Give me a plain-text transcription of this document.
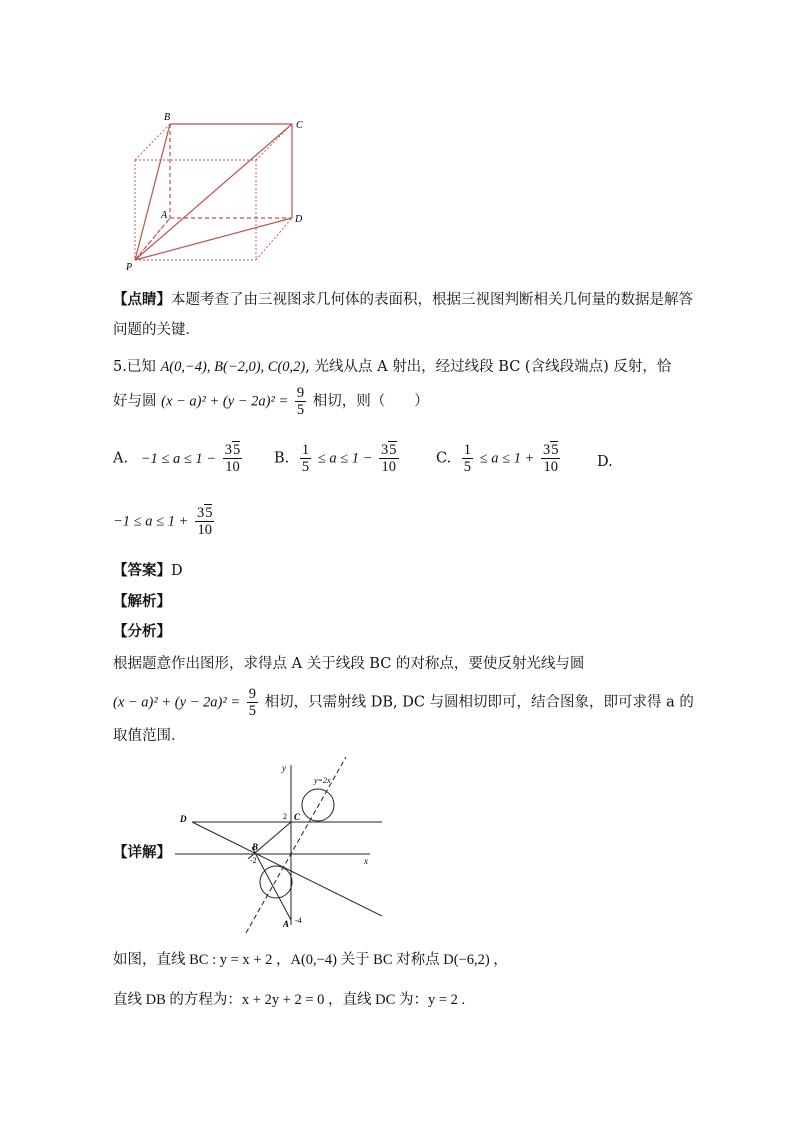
B
C
A	D
P
【点睛】本题考查了由三视图求几何体的表面积，根据三视图判断相关几何量的数据是解答
问题的关键．
5.已知 A(0,−4), B(−2,0), C(0,2), 光线从点 A 射出，经过线段 BC (含线段端点) 反射，恰
好与圆 $(x - a)^2 + (y - 2a)^2 = \frac{9}{5}$ 相切，则（　　）
A. $-1 \le a \le 1 - \frac{35}{10} B$. $\frac{1}{5} \le a \le 1 - \frac{35}{10}$	C. $\frac{1}{5} \le a \le 1 + \frac{35}{10}$	D.
$-1 \le a \le 1 + \frac{35}{10}$
【答案】D
【解析】
【分析】
根据题意作出图形，求得点 A 关于线段 BC 的对称点，要使反射光线与圆
$(x - a)^2 + (y - 2a)^2 = \frac{9}{5}$ 相切，只需射线 DB, DC 与圆相切即可，结合图象，即可求得 a 的
取值范围.
【详解】
y
x
y=2x
D	C
B
A
2
-2
-4
如图，直线 BC : y = x + 2 ，A(0,−4) 关于 BC 对称点 D(−6,2) ，
直线 DB 的方程为：x + 2y + 2 = 0 ，直线 DC 为：y = 2 .
